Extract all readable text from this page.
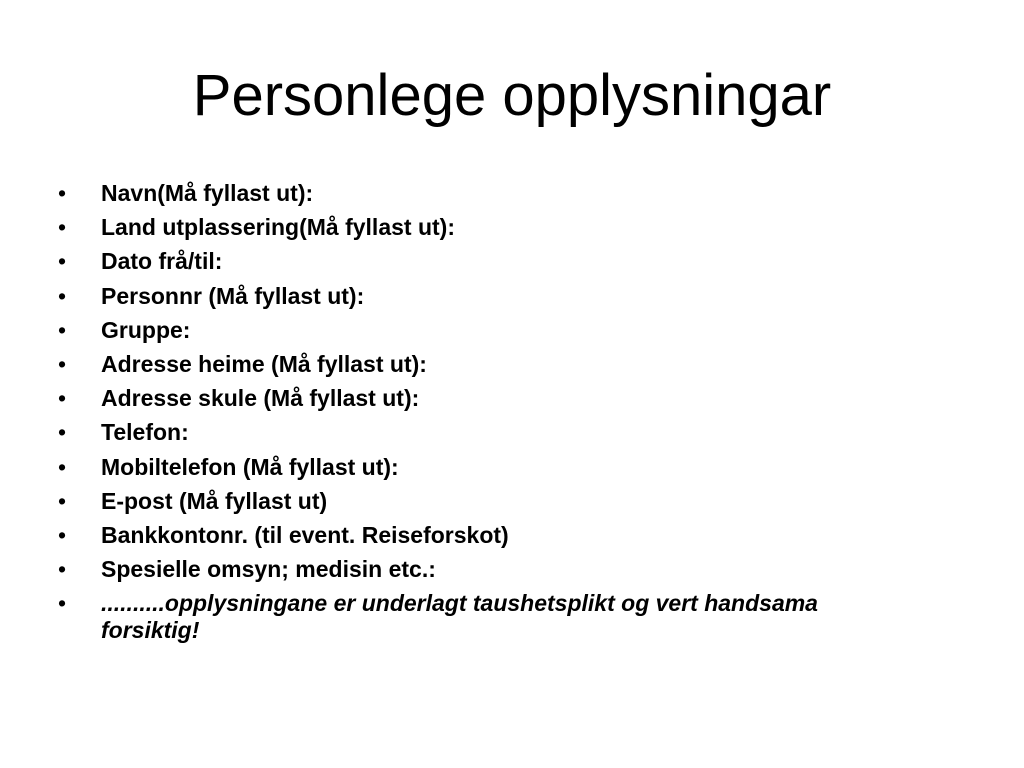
Personlege opplysningar
•	Navn(Må fyllast ut):
•	Land utplassering(Må fyllast ut):
•	Dato frå/til:
•	Personnr (Må fyllast ut):
•	Gruppe:
•	Adresse heime (Må fyllast ut):
•	Adresse skule (Må fyllast ut):
•	Telefon:
•	Mobiltelefon (Må fyllast ut):
•	E-post (Må fyllast ut)
•	Bankkontonr. (til event. Reiseforskot)
•	Spesielle omsyn; medisin etc.:
•	..........opplysningane er underlagt taushetsplikt og vert handsama forsiktig!
